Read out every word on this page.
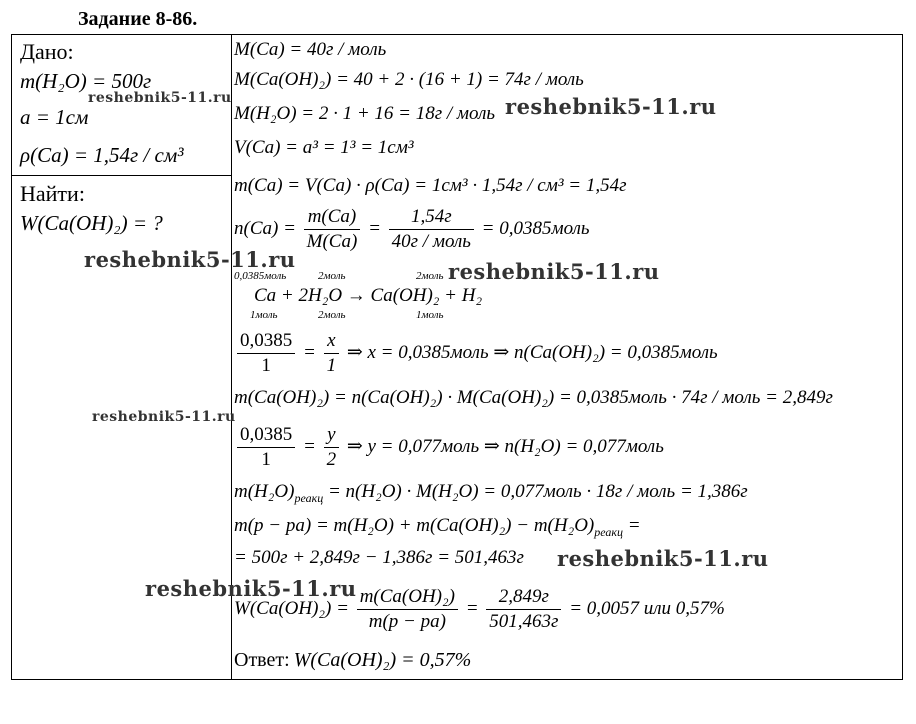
Задание 8-86.
Дано:
m(H₂O) = 500г
a = 1см
ρ(Ca) = 1,54г / см³
Найти:
W(Ca(OH)₂) = ?
M(Ca) = 40г / моль
M(Ca(OH)₂) = 40 + 2 · (16 + 1) = 74г / моль
M(H₂O) = 2 · 1 + 16 = 18г / моль
V(Ca) = a³ = 1³ = 1см³
m(Ca) = V(Ca) · ρ(Ca) = 1см³ · 1,54г / см³ = 1,54г
$n(Ca) = \frac{m(Ca)}{M(Ca)} = \frac{1,54г}{\text{40г / моль}}$ = 0,0385моль
0,0385моль	2моль	2моль
Ca + 2H₂O → Ca(OH)₂ + H₂
1моль	2моль	1моль
$\frac{0,0385}{1} = \frac{x}{1}$ ⇒ x = 0,0385моль ⇒ n(Ca(OH)₂) = 0,0385моль
m(Ca(OH)₂) = n(Ca(OH)₂) · M(Ca(OH)₂) = 0,0385моль · 74г / моль = 2,849г
$\frac{0,0385}{1} = \frac{y}{2}$ ⇒ y = 0,077моль ⇒ n(H₂O) = 0,077моль
$m(H_2O)_{реакц} = n(H_2O) \cdot M(H_2O)$ = 0,077моль · 18г / моль = 1,386г
$m(p - pa) = m(H_2O) + m(Ca(OH)_2) - m(H_2O)_{реакц}$ =
= 500г + 2,849г − 1,386г = 501,463г
$W(Ca(OH)_2) = \frac{\text{m(Ca(OH)₂)}}{m(p - pa)} = \frac{2,849г}{501,463г} = 0,0057$ или 0,57%
Ответ: W(Ca(OH)₂) = 0,57%
reshebnik5-11.ru	reshebnik5-11.ru
reshebnik5-11.ru	reshebnik5-11.ru
reshebnik5-11.ru
reshebnik5-11.ru
reshebnik5-11.ru
